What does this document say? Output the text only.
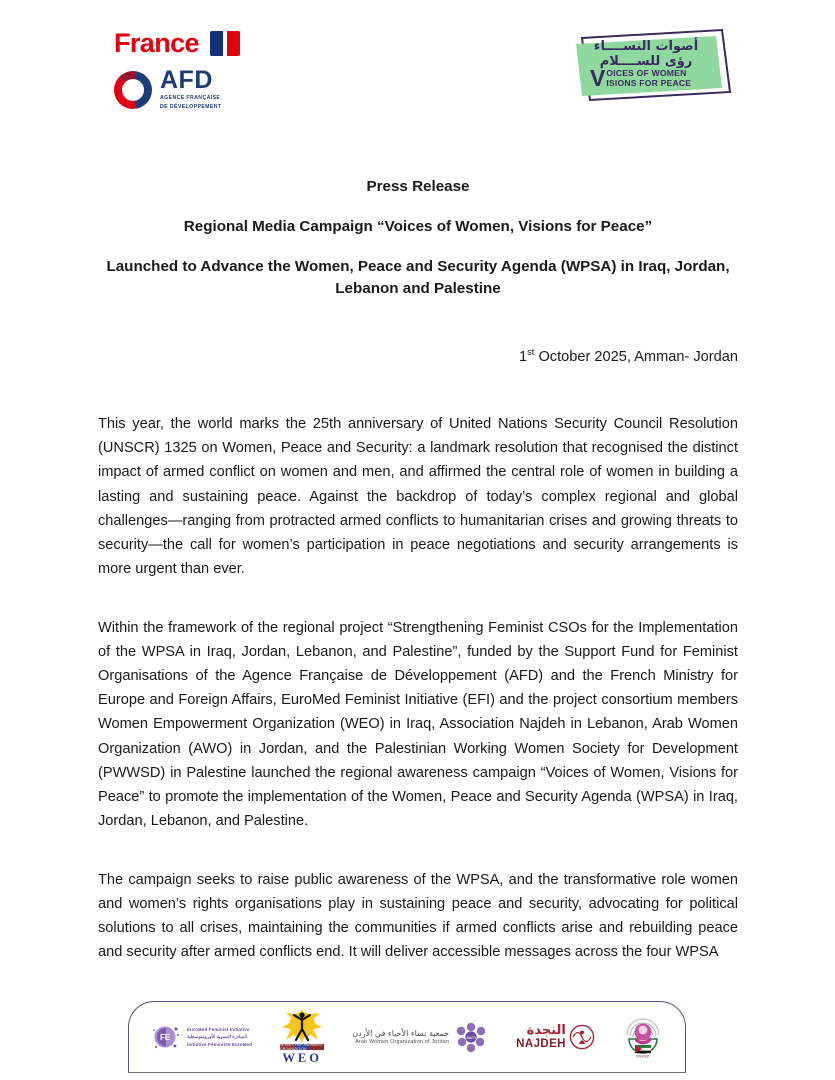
France
AFD
AGENCE FRANÇAISE
DE DÉVELOPPEMENT
أصوات النســــاء
رؤى للســــلام
V OICES OF WOMEN
ISIONS FOR PEACE
Press Release
Regional Media Campaign “Voices of Women, Visions for Peace”
Launched to Advance the Women, Peace and Security Agenda (WPSA) in Iraq, Jordan, Lebanon and Palestine
1st October 2025, Amman- Jordan

This year, the world marks the 25th anniversary of United Nations Security Council Resolution (UNSCR) 1325 on Women, Peace and Security: a landmark resolution that recognised the distinct impact of armed conflict on women and men, and affirmed the central role of women in building a lasting and sustaining peace. Against the backdrop of today’s complex regional and global challenges—ranging from protracted armed conflicts to humanitarian crises and growing threats to security—the call for women’s participation in peace negotiations and security arrangements is more urgent than ever.

Within the framework of the regional project “Strengthening Feminist CSOs for the Implementation of the WPSA in Iraq, Jordan, Lebanon, and Palestine”, funded by the Support Fund for Feminist Organisations of the Agence Française de Développement (AFD) and the French Ministry for Europe and Foreign Affairs, EuroMed Feminist Initiative (EFI) and the project consortium members Women Empowerment Organization (WEO) in Iraq, Association Najdeh in Lebanon, Arab Women Organization (AWO) in Jordan, and the Palestinian Working Women Society for Development (PWWSD) in Palestine launched the regional awareness campaign “Voices of Women, Visions for Peace” to promote the implementation of the Women, Peace and Security Agenda (WPSA) in Iraq, Jordan, Lebanon, and Palestine.

The campaign seeks to raise public awareness of the WPSA, and the transformative role women and women’s rights organisations play in sustaining peace and security, advocating for political solutions to all crises, maintaining the communities if armed conflicts arise and rebuilding peace and security after armed conflicts end. It will deliver accessible messages across the four WPSA

FE
EuroMed Feminist Initiative
المبادرة النسوية الأورومتوسطية
Initiative Féministe EuroMed	WOMEN EMPOWERMENT ORGANIZATION
WEO
جمعية نساء الأحياء في الأردن
Arab Women Organization of Jordan
AWO	النجدة
NAJDEH
PWWSD
